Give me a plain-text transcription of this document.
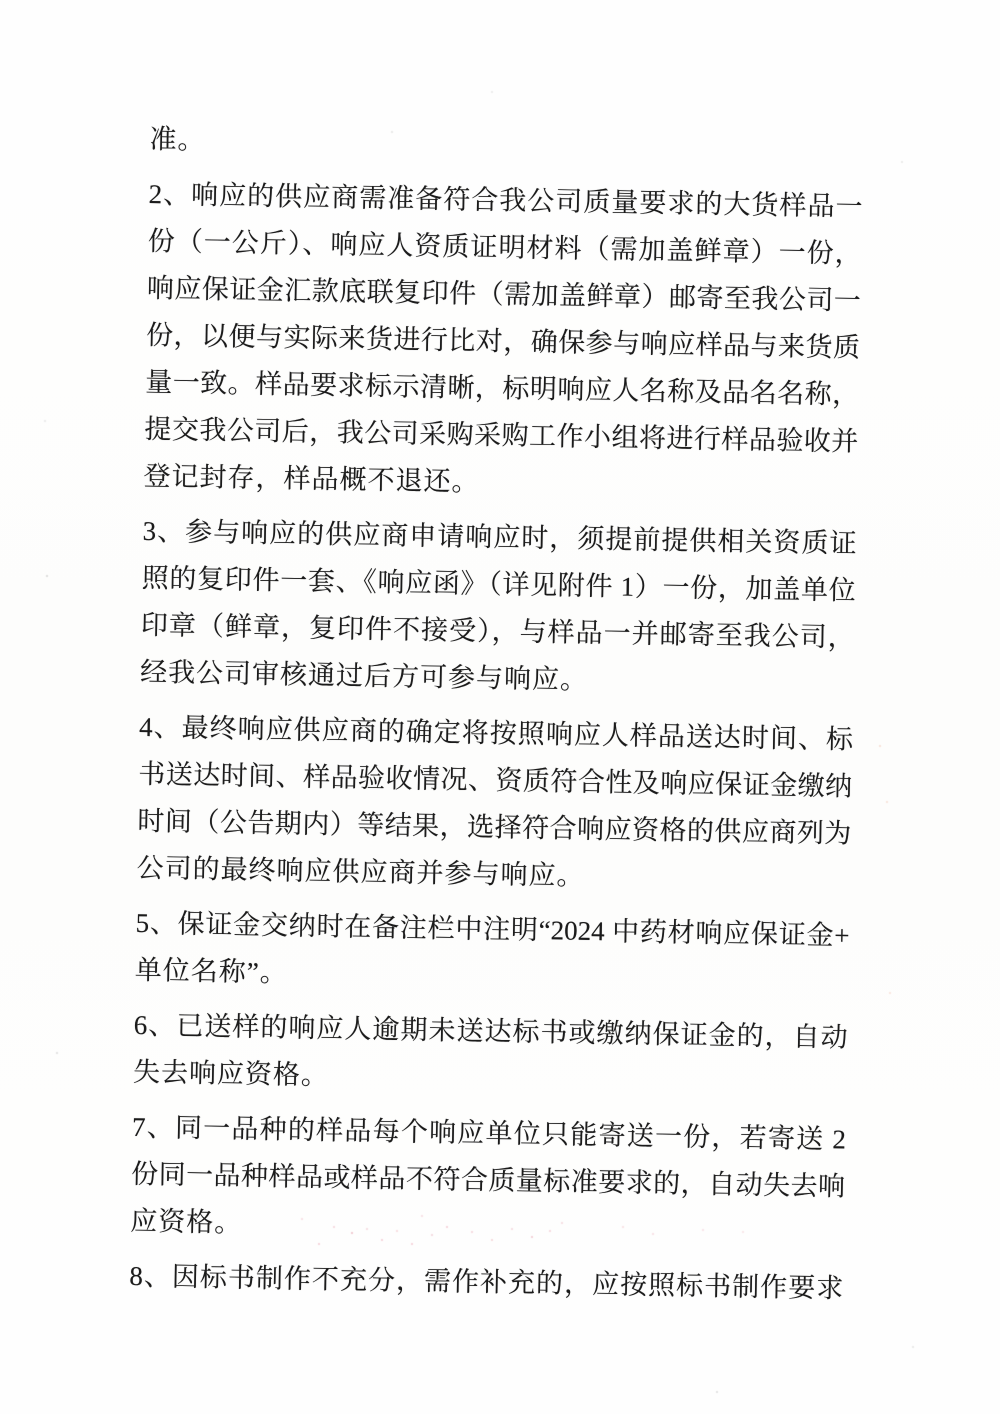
准。
2、响应的供应商需准备符合我公司质量要求的大货样品一
份（一公斤）、响应人资质证明材料（需加盖鲜章）一份，
响应保证金汇款底联复印件（需加盖鲜章）邮寄至我公司一
份，以便与实际来货进行比对，确保参与响应样品与来货质
量一致。样品要求标示清晰，标明响应人名称及品名名称，
提交我公司后，我公司采购采购工作小组将进行样品验收并
登记封存，样品概不退还。
3、参与响应的供应商申请响应时，须提前提供相关资质证
照的复印件一套、《响应函》（详见附件 1）一份，加盖单位
印章（鲜章，复印件不接受），与样品一并邮寄至我公司，
经我公司审核通过后方可参与响应。
4、最终响应供应商的确定将按照响应人样品送达时间、标
书送达时间、样品验收情况、资质符合性及响应保证金缴纳
时间（公告期内）等结果，选择符合响应资格的供应商列为
公司的最终响应供应商并参与响应。
5、保证金交纳时在备注栏中注明“2024 中药材响应保证金+
单位名称”。
6、已送样的响应人逾期未送达标书或缴纳保证金的，自动
失去响应资格。
7、同一品种的样品每个响应单位只能寄送一份，若寄送 2
份同一品种样品或样品不符合质量标准要求的，自动失去响
应资格。
8、因标书制作不充分，需作补充的，应按照标书制作要求
